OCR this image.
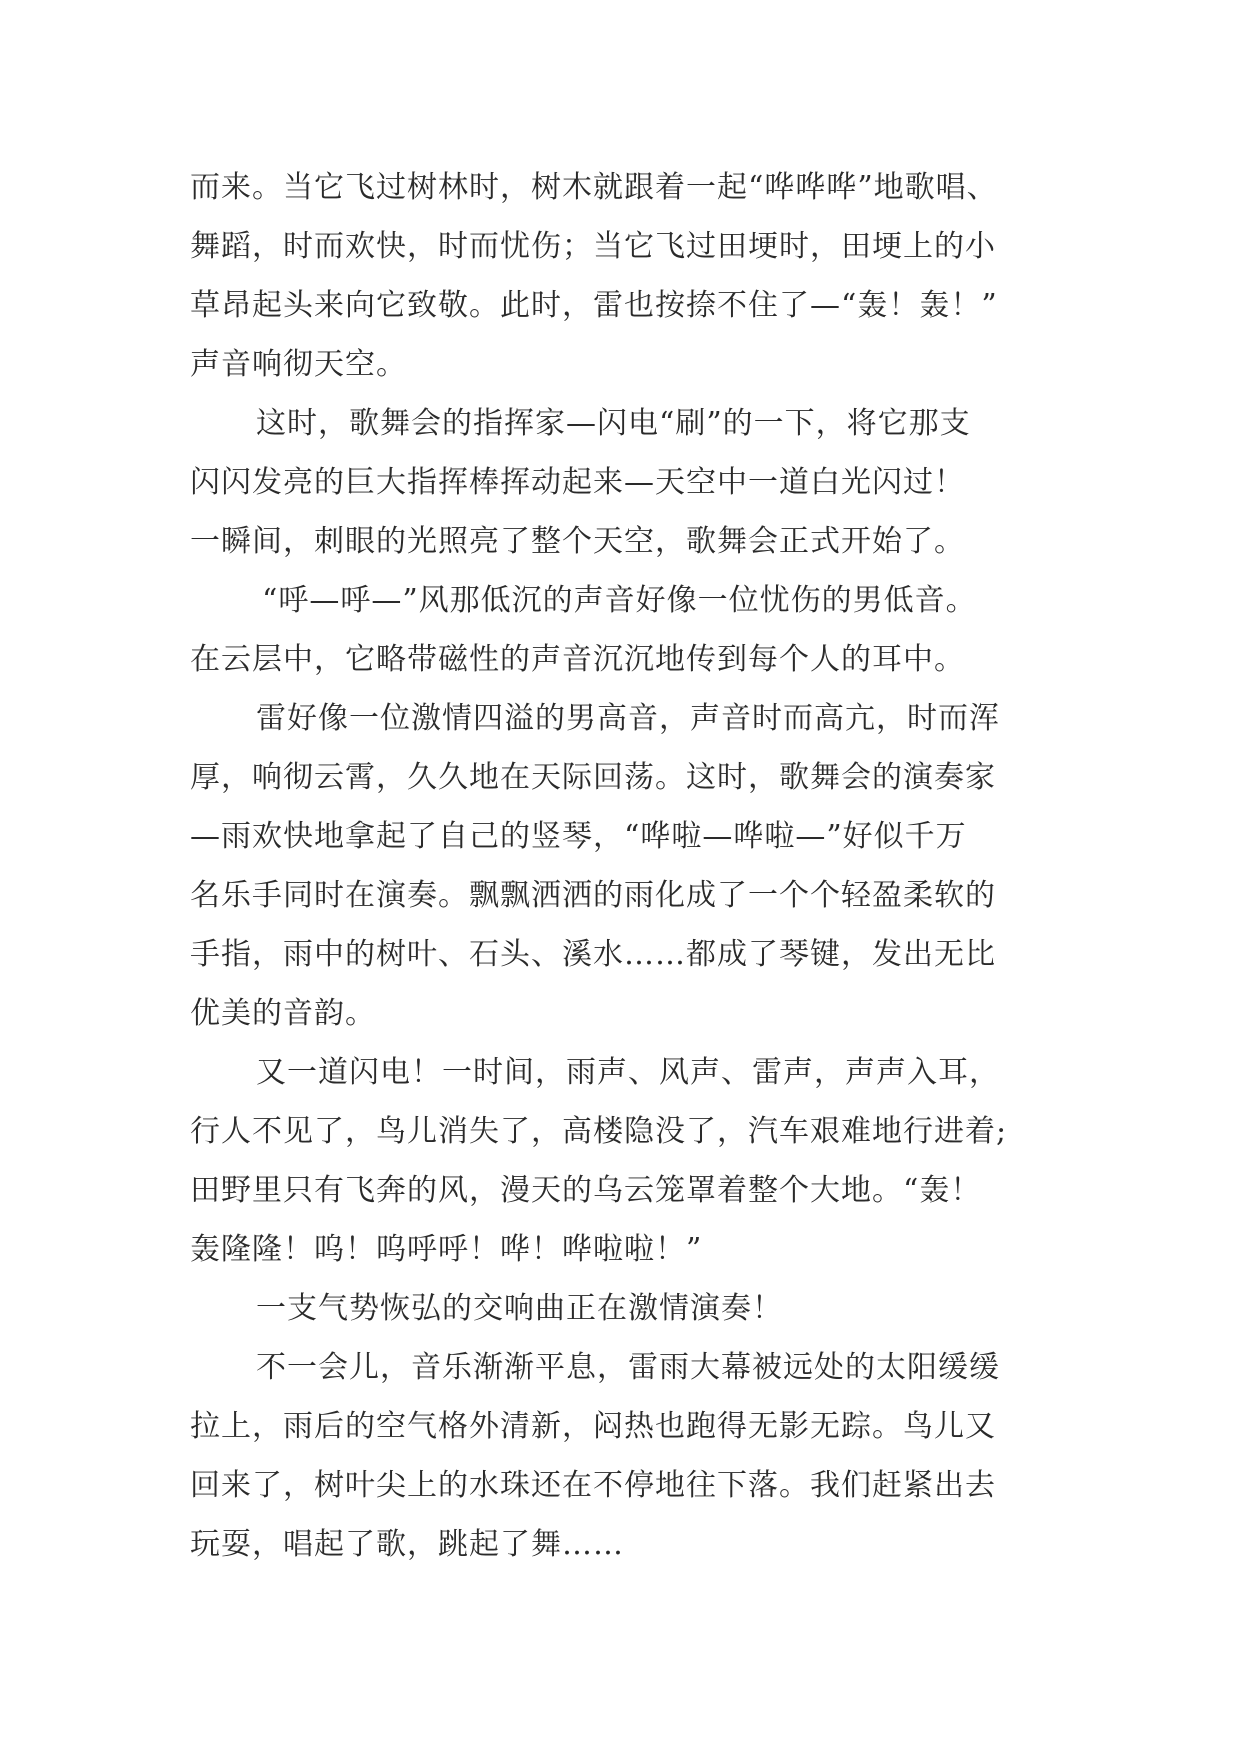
而来。当它飞过树林时，树木就跟着一起“哗哗哗”地歌唱、
舞蹈，时而欢快，时而忧伤；当它飞过田埂时，田埂上的小
草昂起头来向它致敬。此时，雷也按捺不住了—“轰！轰！”
声音响彻天空。
这时，歌舞会的指挥家—闪电“刷”的一下，将它那支
闪闪发亮的巨大指挥棒挥动起来—天空中一道白光闪过！
一瞬间，刺眼的光照亮了整个天空，歌舞会正式开始了。
“呼—呼—”风那低沉的声音好像一位忧伤的男低音。
在云层中，它略带磁性的声音沉沉地传到每个人的耳中。
雷好像一位激情四溢的男高音，声音时而高亢，时而浑
厚，响彻云霄，久久地在天际回荡。这时，歌舞会的演奏家
—雨欢快地拿起了自己的竖琴，“哗啦—哗啦—”好似千万
名乐手同时在演奏。飘飘洒洒的雨化成了一个个轻盈柔软的
手指，雨中的树叶、石头、溪水……都成了琴键，发出无比
优美的音韵。
又一道闪电！一时间，雨声、风声、雷声，声声入耳，
行人不见了，鸟儿消失了，高楼隐没了，汽车艰难地行进着;
田野里只有飞奔的风，漫天的乌云笼罩着整个大地。“轰！
轰隆隆！呜！呜呼呼！哗！哗啦啦！”
一支气势恢弘的交响曲正在激情演奏！
不一会儿，音乐渐渐平息，雷雨大幕被远处的太阳缓缓
拉上，雨后的空气格外清新，闷热也跑得无影无踪。鸟儿又
回来了，树叶尖上的水珠还在不停地往下落。我们赶紧出去
玩耍，唱起了歌，跳起了舞……
